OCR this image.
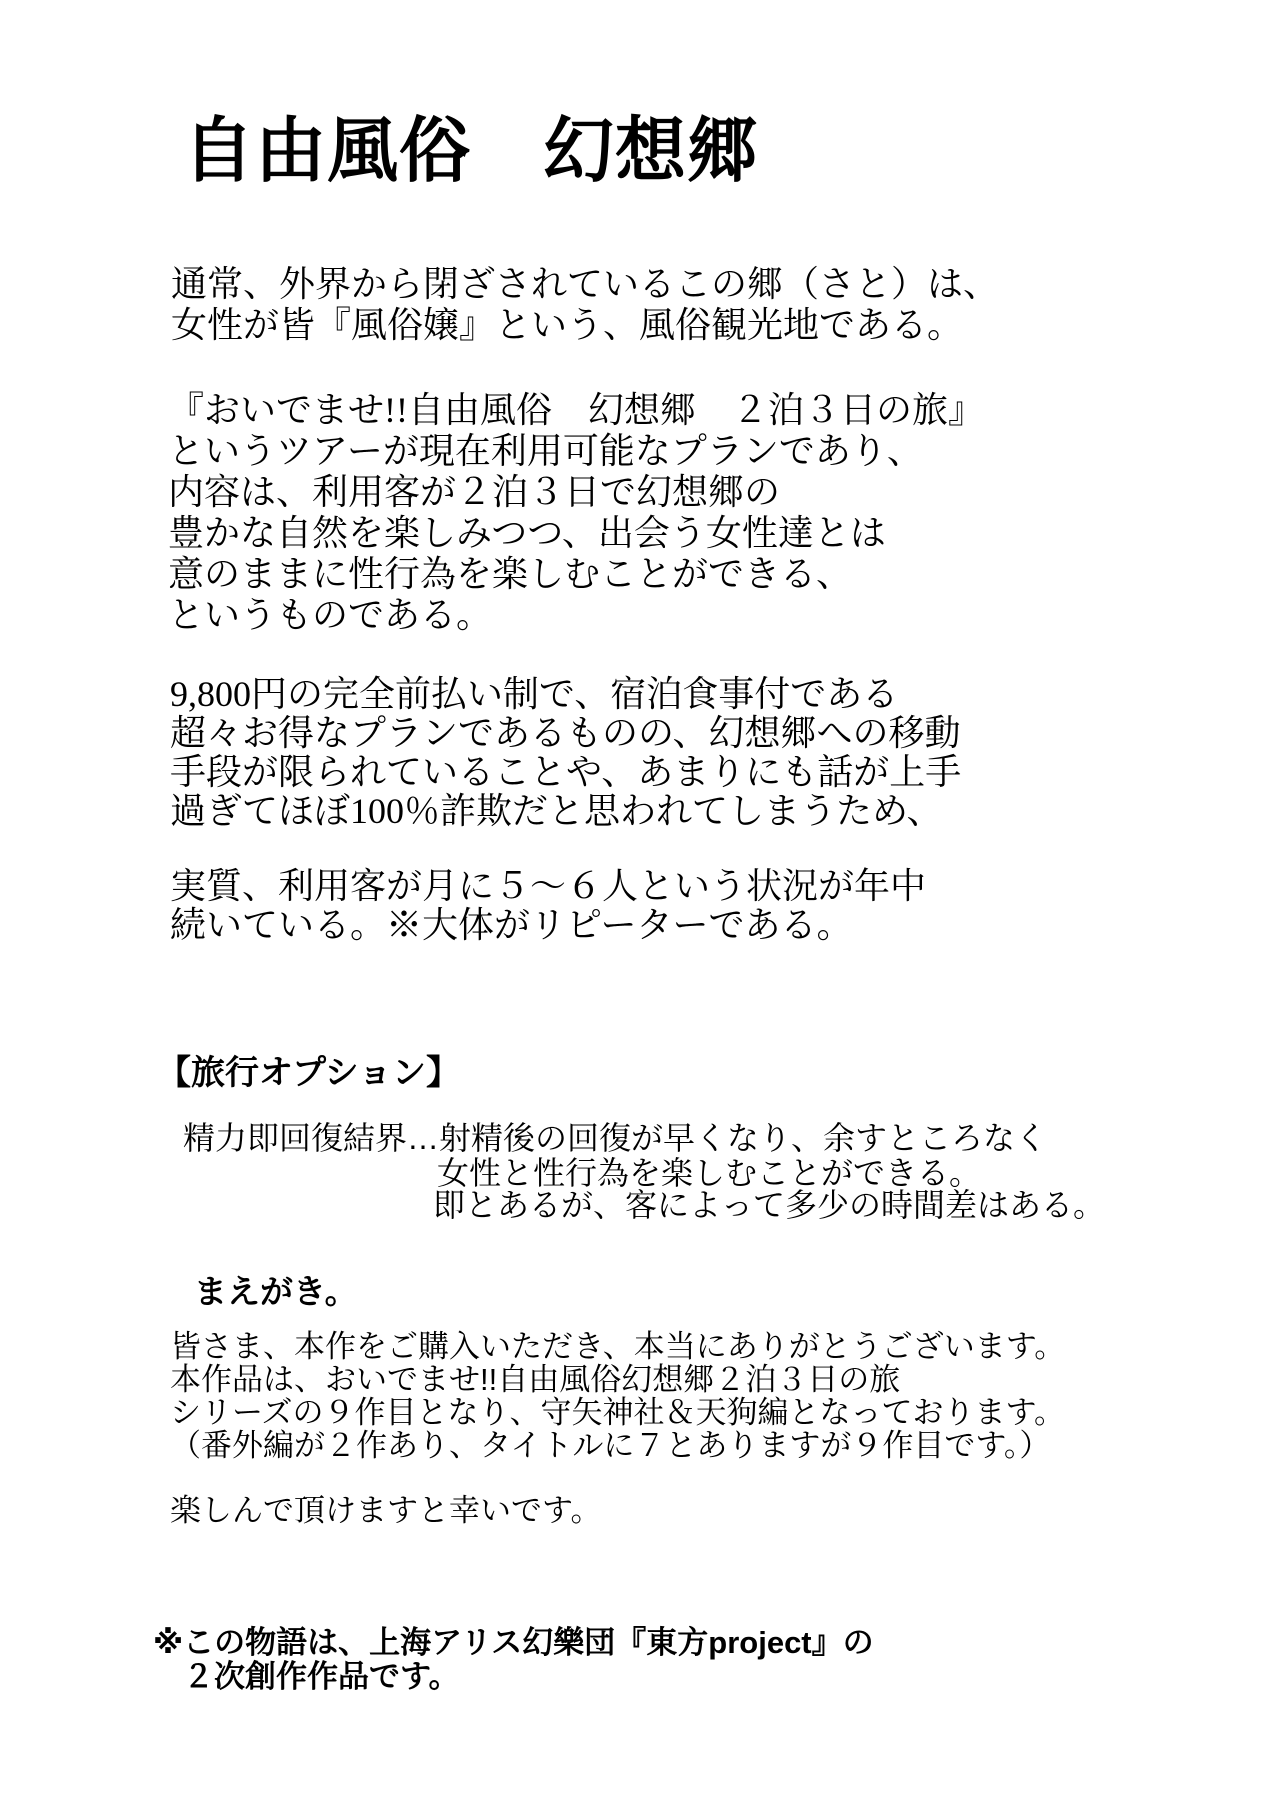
自由風俗　幻想郷
通常、外界から閉ざされているこの郷（さと）は、
女性が皆『風俗嬢』という、風俗観光地である。
『おいでませ!!自由風俗　幻想郷　２泊３日の旅』
というツアーが現在利用可能なプランであり、
内容は、利用客が２泊３日で幻想郷の
豊かな自然を楽しみつつ、出会う女性達とは
意のままに性行為を楽しむことができる、
というものである。
9,800円の完全前払い制で、宿泊食事付である
超々お得なプランであるものの、幻想郷への移動
手段が限られていることや、あまりにも話が上手
過ぎてほぼ100％詐欺だと思われてしまうため、
実質、利用客が月に５～６人という状況が年中
続いている。※大体がリピーターである。
【旅行オプション】
精力即回復結界…射精後の回復が早くなり、余すところなく
女性と性行為を楽しむことができる。
即とあるが、客によって多少の時間差はある。
まえがき。
皆さま、本作をご購入いただき、本当にありがとうございます。
本作品は、おいでませ!!自由風俗幻想郷２泊３日の旅
シリーズの９作目となり、守矢神社＆天狗編となっております。
（番外編が２作あり、タイトルに７とありますが９作目です。）
楽しんで頂けますと幸いです。
※この物語は、上海アリス幻樂団『東方project』の
２次創作作品です。
